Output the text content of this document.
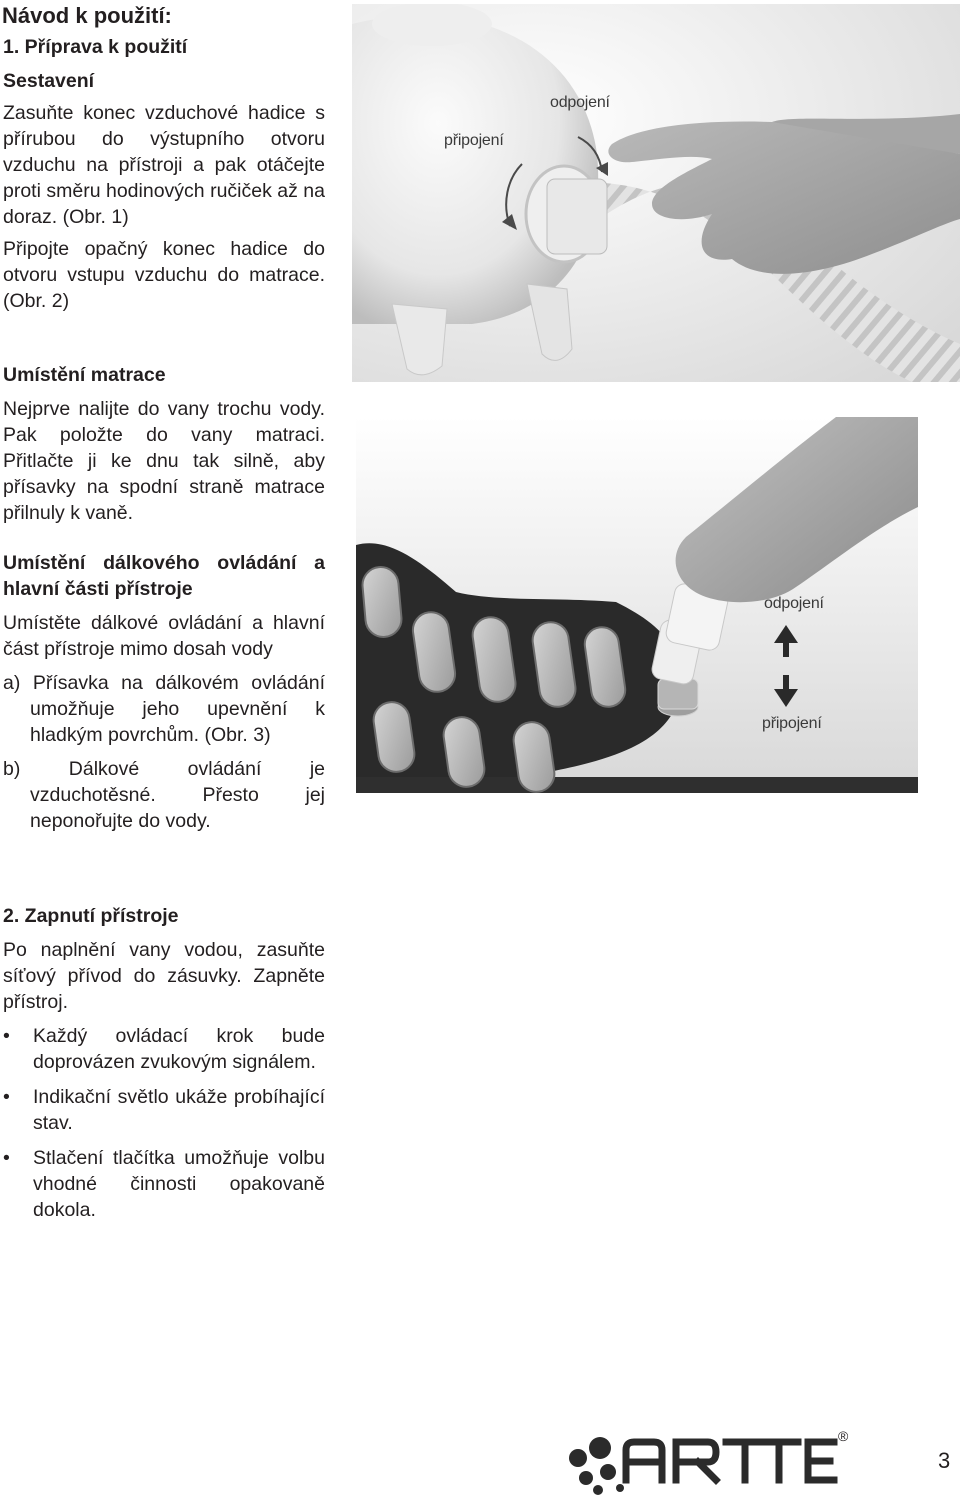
Návod k použití:

1. Příprava k použití

Sestavení

Zasuňte konec vzduchové hadice s přírubou do výstupního otvoru vzduchu na přístroji a pak otáčejte proti směru hodinových ručiček až na doraz. (Obr. 1)

Připojte opačný konec hadice do otvoru vstupu vzduchu do matrace. (Obr. 2)

Umístění matrace

Nejprve nalijte do vany trochu vody. Pak položte do vany matraci. Přitlačte ji ke dnu tak silně, aby přísavky na spodní straně matrace přilnuly k vaně.

Umístění dálkového ovládání a hlavní části přístroje

Umístěte dálkové ovládání a hlavní část přístroje mimo dosah vody

a) Přísavka na dálkovém ovládání umožňuje jeho upevnění k hladkým povrchům. (Obr. 3)

b) Dálkové ovládání je vzduchotěsné. Přesto jej neponořujte do vody.

2. Zapnutí přístroje

Po naplnění vany vodou, zasuňte síťový přívod do zásuvky. Zapněte přístroj.

• Každý ovládací krok bude doprovázen zvukovým signálem.
• Indikační světlo ukáže probíhající stav.
• Stlačení tlačítka umožňuje volbu vhodné činnosti opakovaně dokola.
připojení
odpojení
odpojení
připojení
®
3
